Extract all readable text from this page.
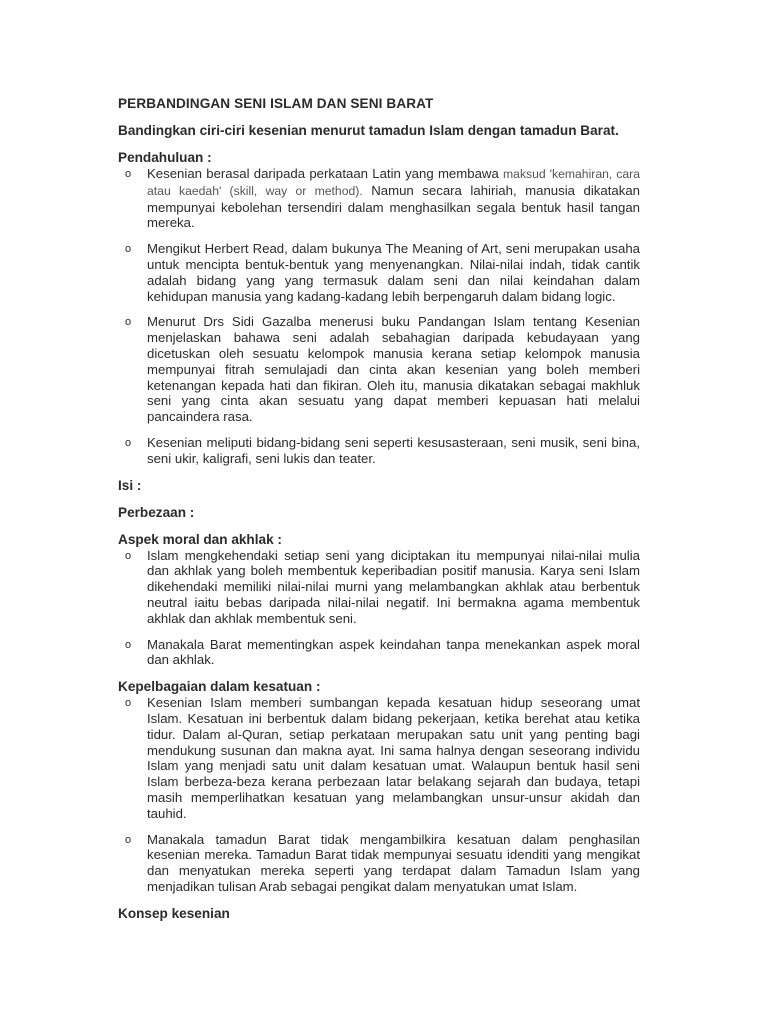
PERBANDINGAN SENI ISLAM DAN SENI BARAT

Bandingkan ciri-ciri kesenian menurut tamadun Islam dengan tamadun Barat.

Pendahuluan :

o Kesenian berasal daripada perkataan Latin yang membawa maksud 'kemahiran, cara atau kaedah' (skill, way or method). Namun secara lahiriah, manusia dikatakan mempunyai kebolehan tersendiri dalam menghasilkan segala bentuk hasil tangan mereka.
o Mengikut Herbert Read, dalam bukunya The Meaning of Art, seni merupakan usaha untuk mencipta bentuk-bentuk yang menyenangkan. Nilai-nilai indah, tidak cantik adalah bidang yang yang termasuk dalam seni dan nilai keindahan dalam kehidupan manusia yang kadang-kadang lebih berpengaruh dalam bidang logic.
o Menurut Drs Sidi Gazalba menerusi buku Pandangan Islam tentang Kesenian menjelaskan bahawa seni adalah sebahagian daripada kebudayaan yang dicetuskan oleh sesuatu kelompok manusia kerana setiap kelompok manusia mempunyai fitrah semulajadi dan cinta akan kesenian yang boleh memberi ketenangan kepada hati dan fikiran. Oleh itu, manusia dikatakan sebagai makhluk seni yang cinta akan sesuatu yang dapat memberi kepuasan hati melalui pancaindera rasa.
o Kesenian meliputi bidang-bidang seni seperti kesusasteraan, seni musik, seni bina, seni ukir, kaligrafi, seni lukis dan teater.

Isi :

Perbezaan :

Aspek moral dan akhlak :

o Islam mengkehendaki setiap seni yang diciptakan itu mempunyai nilai-nilai mulia dan akhlak yang boleh membentuk keperibadian positif manusia. Karya seni Islam dikehendaki memiliki nilai-nilai murni yang melambangkan akhlak atau berbentuk neutral iaitu bebas daripada nilai-nilai negatif. Ini bermakna agama membentuk akhlak dan akhlak membentuk seni.
o Manakala Barat mementingkan aspek keindahan tanpa menekankan aspek moral dan akhlak.

Kepelbagaian dalam kesatuan :

o Kesenian Islam memberi sumbangan kepada kesatuan hidup seseorang umat Islam. Kesatuan ini berbentuk dalam bidang pekerjaan, ketika berehat atau ketika tidur. Dalam al-Quran, setiap perkataan merupakan satu unit yang penting bagi mendukung susunan dan makna ayat. Ini sama halnya dengan seseorang individu Islam yang menjadi satu unit dalam kesatuan umat. Walaupun bentuk hasil seni Islam berbeza-beza kerana perbezaan latar belakang sejarah dan budaya, tetapi masih memperlihatkan kesatuan yang melambangkan unsur-unsur akidah dan tauhid.
o Manakala tamadun Barat tidak mengambilkira kesatuan dalam penghasilan kesenian mereka. Tamadun Barat tidak mempunyai sesuatu idenditi yang mengikat dan menyatukan mereka seperti yang terdapat dalam Tamadun Islam yang menjadikan tulisan Arab sebagai pengikat dalam menyatukan umat Islam.

Konsep kesenian
